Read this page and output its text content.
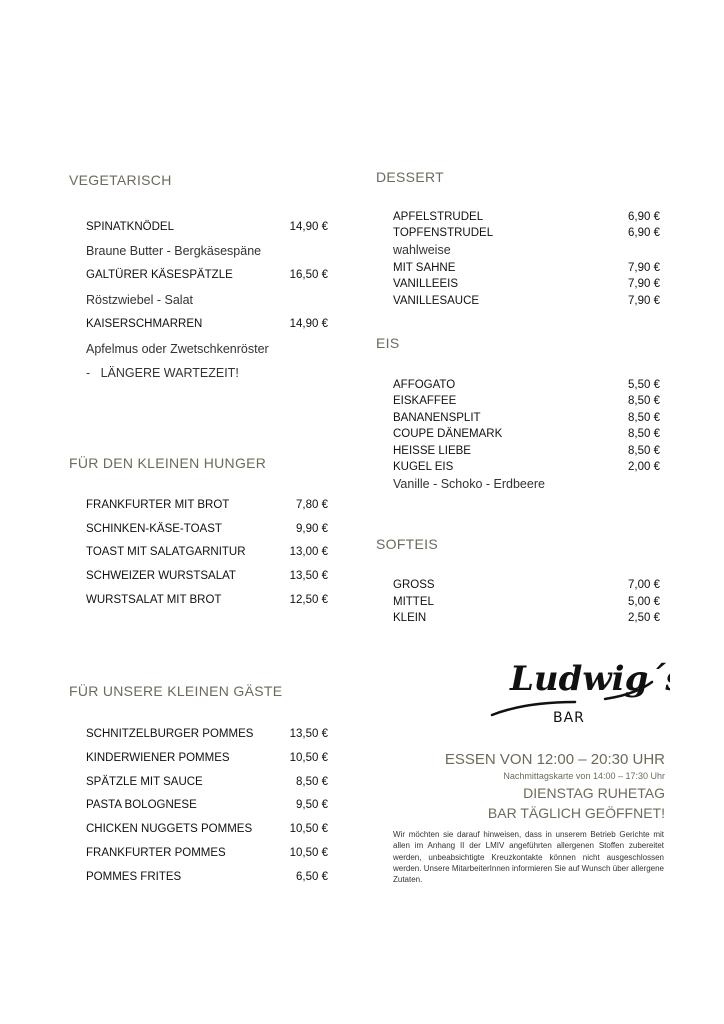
VEGETARISCH
SPINATKNÖDEL	14,90 €
Braune Butter - Bergkäsespäne
GALTÜRER KÄSESPÄTZLE	16,50 €
Röstzwiebel - Salat
KAISERSCHMARREN	14,90 €
Apfelmus oder Zwetschkenröster
-   LÄNGERE WARTEZEIT!
FÜR DEN KLEINEN HUNGER
FRANKFURTER MIT BROT	7,80 €
SCHINKEN-KÄSE-TOAST	9,90 €
TOAST MIT SALATGARNITUR	13,00 €
SCHWEIZER WURSTSALAT	13,50 €
WURSTSALAT MIT BROT	12,50 €
FÜR UNSERE KLEINEN GÄSTE
SCHNITZELBURGER POMMES	13,50 €
KINDERWIENER POMMES	10,50 €
SPÄTZLE MIT SAUCE	8,50 €
PASTA BOLOGNESE	9,50 €
CHICKEN NUGGETS POMMES	10,50 €
FRANKFURTER POMMES	10,50 €
POMMES FRITES	6,50 €
DESSERT
APFELSTRUDEL	6,90 €
TOPFENSTRUDEL	6,90 €
wahlweise
MIT SAHNE	7,90 €
VANILLEEIS	7,90 €
VANILLESAUCE	7,90 €
EIS
AFFOGATO	5,50 €
EISKAFFEE	8,50 €
BANANENSPLIT	8,50 €
COUPE DÄNEMARK	8,50 €
HEISSE LIEBE	8,50 €
KUGEL EIS	2,00 €
Vanille - Schoko - Erdbeere
SOFTEIS
GROSS	7,00 €
MITTEL	5,00 €
KLEIN	2,50 €
Ludwig´s
BAR
ESSEN VON 12:00 – 20:30 UHR
Nachmittagskarte von 14:00 – 17:30 Uhr
DIENSTAG RUHETAG
BAR TÄGLICH GEÖFFNET!
Wir möchten sie darauf hinweisen, dass in unserem Betrieb Gerichte mit allen im Anhang II der LMIV angeführten allergenen Stoffen zubereitet werden, unbeabsichtigte Kreuzkontakte können nicht ausgeschlossen werden. Unsere MitarbeiterInnen informieren Sie auf Wunsch über allergene Zutaten.
